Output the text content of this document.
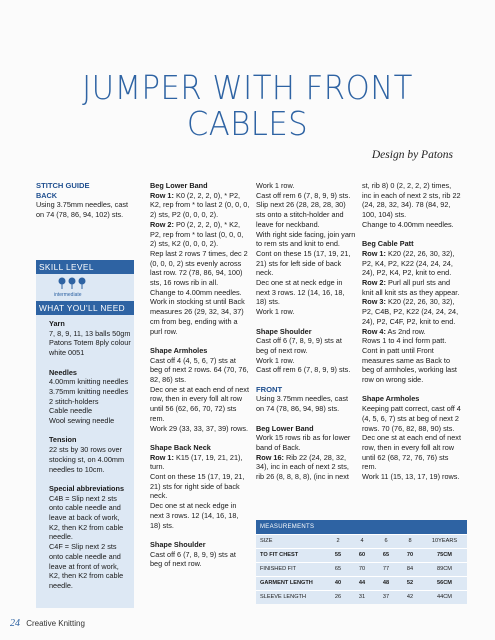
JUMPER WITH FRONT
CABLES
Design by Patons
STITCH GUIDE
BACK
Using 3.75mm needles, cast on 74 (78, 86, 94, 102) sts.
SKILL LEVEL
intermediate
WHAT YOU'LL NEED
Yarn
7, 8, 9, 11, 13 balls 50gm Patons Totem 8ply colour white 0051
Needles
4.00mm knitting needles
3.75mm knitting needles
2 stitch-holders
Cable needle
Wool sewing needle
Tension
22 sts by 30 rows over stocking st, on 4.00mm needles to 10cm.
Special abbreviations
C4B = Slip next 2 sts onto cable needle and leave at back of work, K2, then K2 from cable needle.
C4F = Slip next 2 sts onto cable needle and leave at front of work, K2, then K2 from cable needle.
Beg Lower Band
Row 1: K0 (2, 2, 2, 0), * P2, K2, rep from * to last 2 (0, 0, 0, 2) sts, P2 (0, 0, 0, 2).
Row 2: P0 (2, 2, 2, 0), * K2, P2, rep from * to last (0, 0, 0, 2) sts, K2 (0, 0, 0, 2).
Rep last 2 rows 7 times, dec 2 (0, 0, 0, 2) sts evenly across last row. 72 (78, 86, 94, 100) sts, 16 rows rib in all.
Change to 4.00mm needles. Work in stocking st until Back measures 26 (29, 32, 34, 37) cm from beg, ending with a purl row.
Shape Armholes
Cast off 4 (4, 5, 6, 7) sts at beg of next 2 rows. 64 (70, 76, 82, 86) sts.
Dec one st at each end of next row, then in every foll alt row until 56 (62, 66, 70, 72) sts rem.
Work 29 (33, 33, 37, 39) rows.
Shape Back Neck
Row 1: K15 (17, 19, 21, 21), turn.
Cont on these 15 (17, 19, 21, 21) sts for right side of back neck.
Dec one st at neck edge in next 3 rows. 12 (14, 16, 18, 18) sts.
Shape Shoulder
Cast off 6 (7, 8, 9, 9) sts at beg of next row.
Work 1 row.
Cast off rem 6 (7, 8, 9, 9) sts.
Slip next 26 (28, 28, 28, 30) sts onto a stitch-holder and leave for neckband.
With right side facing, join yarn to rem sts and knit to end.
Cont on these 15 (17, 19, 21, 21) sts for left side of back neck.
Dec one st at neck edge in next 3 rows. 12 (14, 16, 18, 18) sts.
Work 1 row.
Shape Shoulder
Cast off 6 (7, 8, 9, 9) sts at beg of next row.
Work 1 row.
Cast off rem 6 (7, 8, 9, 9) sts.
FRONT
Using 3.75mm needles, cast on 74 (78, 86, 94, 98) sts.
Beg Lower Band
Work 15 rows rib as for lower band of Back.
Row 16: Rib 22 (24, 28, 32, 34), inc in each of next 2 sts, rib 26 (8, 8, 8, 8), (inc in next
st, rib 8) 0 (2, 2, 2, 2) times, inc in each of next 2 sts, rib 22 (24, 28, 32, 34). 78 (84, 92, 100, 104) sts.
Change to 4.00mm needles.
Beg Cable Patt
Row 1: K20 (22, 26, 30, 32), P2, K4, P2, K22 (24, 24, 24, 24), P2, K4, P2, knit to end.
Row 2: Purl all purl sts and knit all knit sts as they appear.
Row 3: K20 (22, 26, 30, 32), P2, C4B, P2, K22 (24, 24, 24, 24), P2, C4F, P2, knit to end.
Row 4: As 2nd row.
Rows 1 to 4 incl form patt.
Cont in patt until Front measures same as Back to beg of armholes, working last row on wrong side.
Shape Armholes
Keeping patt correct, cast off 4 (4, 5, 6, 7) sts at beg of next 2 rows. 70 (76, 82, 88, 90) sts.
Dec one st at each end of next row, then in every foll alt row until 62 (68, 72, 76, 76) sts rem.
Work 11 (15, 13, 17, 19) rows.
MEASUREMENTS
SIZE	2	4	6	8	10YEARS
TO FIT CHEST	55	60	65	70	75CM
FINISHED FIT	65	70	77	84	89CM
GARMENT LENGTH	40	44	48	52	56CM
SLEEVE LENGTH	26	31	37	42	44CM
24 Creative Knitting
